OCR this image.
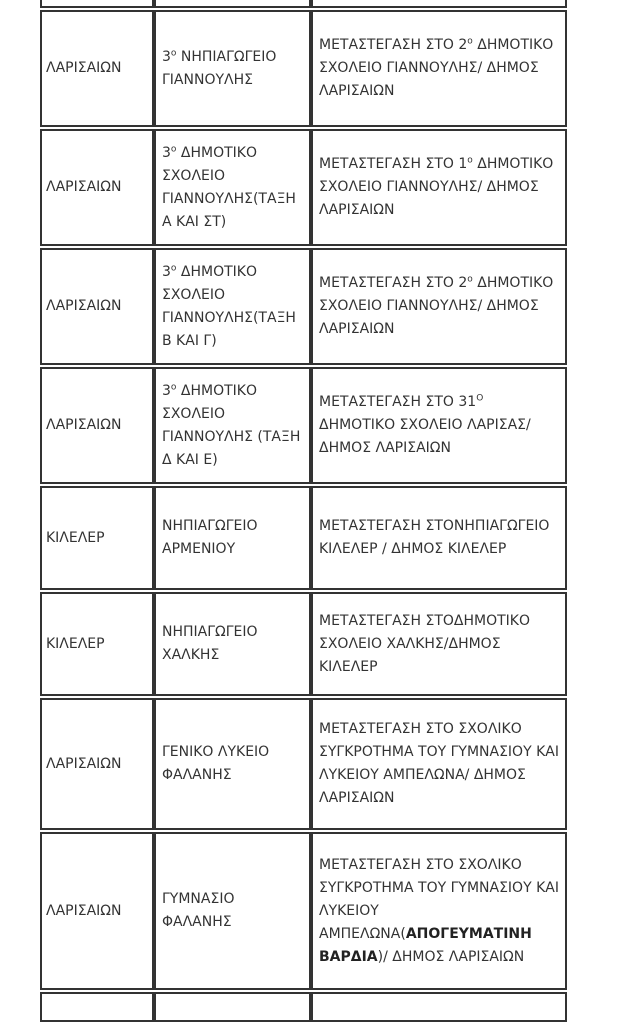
ΛΑΡΙΣΑΙΩΝ	$3^o$ ΝΗΠΙΑΓΩΓΕΙΟ ΓΙΑΝΝΟΥΛΗΣ	ΜΕΤΑΣΤΕΓΑΣΗ ΣΤΟ $2^o$ ΔΗΜΟΤΙΚΟ ΣΧΟΛΕΙΟ ΓΙΑΝΝΟΥΛΗΣ/ ΔΗΜΟΣ ΛΑΡΙΣΑΙΩΝ

ΛΑΡΙΣΑΙΩΝ	$3^o$ ΔΗΜΟΤΙΚΟ ΣΧΟΛΕΙΟ ΓΙΑΝΝΟΥΛΗΣ(ΤΑΞΗ Α ΚΑΙ ΣΤ)	ΜΕΤΑΣΤΕΓΑΣΗ ΣΤΟ $1^o$ ΔΗΜΟΤΙΚΟ ΣΧΟΛΕΙΟ ΓΙΑΝΝΟΥΛΗΣ/ ΔΗΜΟΣ ΛΑΡΙΣΑΙΩΝ

ΛΑΡΙΣΑΙΩΝ	$3^o$ ΔΗΜΟΤΙΚΟ ΣΧΟΛΕΙΟ ΓΙΑΝΝΟΥΛΗΣ(ΤΑΞΗ Β ΚΑΙ Γ)	ΜΕΤΑΣΤΕΓΑΣΗ ΣΤΟ $2^o$ ΔΗΜΟΤΙΚΟ ΣΧΟΛΕΙΟ ΓΙΑΝΝΟΥΛΗΣ/ ΔΗΜΟΣ ΛΑΡΙΣΑΙΩΝ

ΛΑΡΙΣΑΙΩΝ	$3^o$ ΔΗΜΟΤΙΚΟ ΣΧΟΛΕΙΟ ΓΙΑΝΝΟΥΛΗΣ (ΤΑΞΗ Δ ΚΑΙ Ε)	ΜΕΤΑΣΤΕΓΑΣΗ ΣΤΟ $31^O$ ΔΗΜΟΤΙΚΟ ΣΧΟΛΕΙΟ ΛΑΡΙΣΑΣ/ ΔΗΜΟΣ ΛΑΡΙΣΑΙΩΝ

ΚΙΛΕΛΕΡ	ΝΗΠΙΑΓΩΓΕΙΟ ΑΡΜΕΝΙΟΥ	ΜΕΤΑΣΤΕΓΑΣΗ ΣΤΟΝΗΠΙΑΓΩΓΕΙΟ ΚΙΛΕΛΕΡ / ΔΗΜΟΣ ΚΙΛΕΛΕΡ

ΚΙΛΕΛΕΡ	ΝΗΠΙΑΓΩΓΕΙΟ ΧΑΛΚΗΣ	ΜΕΤΑΣΤΕΓΑΣΗ ΣΤΟΔΗΜΟΤΙΚΟ ΣΧΟΛΕΙΟ ΧΑΛΚΗΣ/ΔΗΜΟΣ ΚΙΛΕΛΕΡ

ΛΑΡΙΣΑΙΩΝ	ΓΕΝΙΚΟ ΛΥΚΕΙΟ ΦΑΛΑΝΗΣ	ΜΕΤΑΣΤΕΓΑΣΗ ΣΤΟ ΣΧΟΛΙΚΟ ΣΥΓΚΡΟΤΗΜΑ ΤΟΥ ΓΥΜΝΑΣΙΟΥ ΚΑΙ ΛΥΚΕΙΟΥ ΑΜΠΕΛΩΝΑ/ ΔΗΜΟΣ ΛΑΡΙΣΑΙΩΝ

ΛΑΡΙΣΑΙΩΝ	ΓΥΜΝΑΣΙΟ ΦΑΛΑΝΗΣ	ΜΕΤΑΣΤΕΓΑΣΗ ΣΤΟ ΣΧΟΛΙΚΟ ΣΥΓΚΡΟΤΗΜΑ ΤΟΥ ΓΥΜΝΑΣΙΟΥ ΚΑΙ ΛΥΚΕΙΟΥ ΑΜΠΕΛΩΝΑ(ΑΠΟΓΕΥΜΑΤΙΝΗ ΒΑΡΔΙΑ)/ ΔΗΜΟΣ ΛΑΡΙΣΑΙΩΝ
